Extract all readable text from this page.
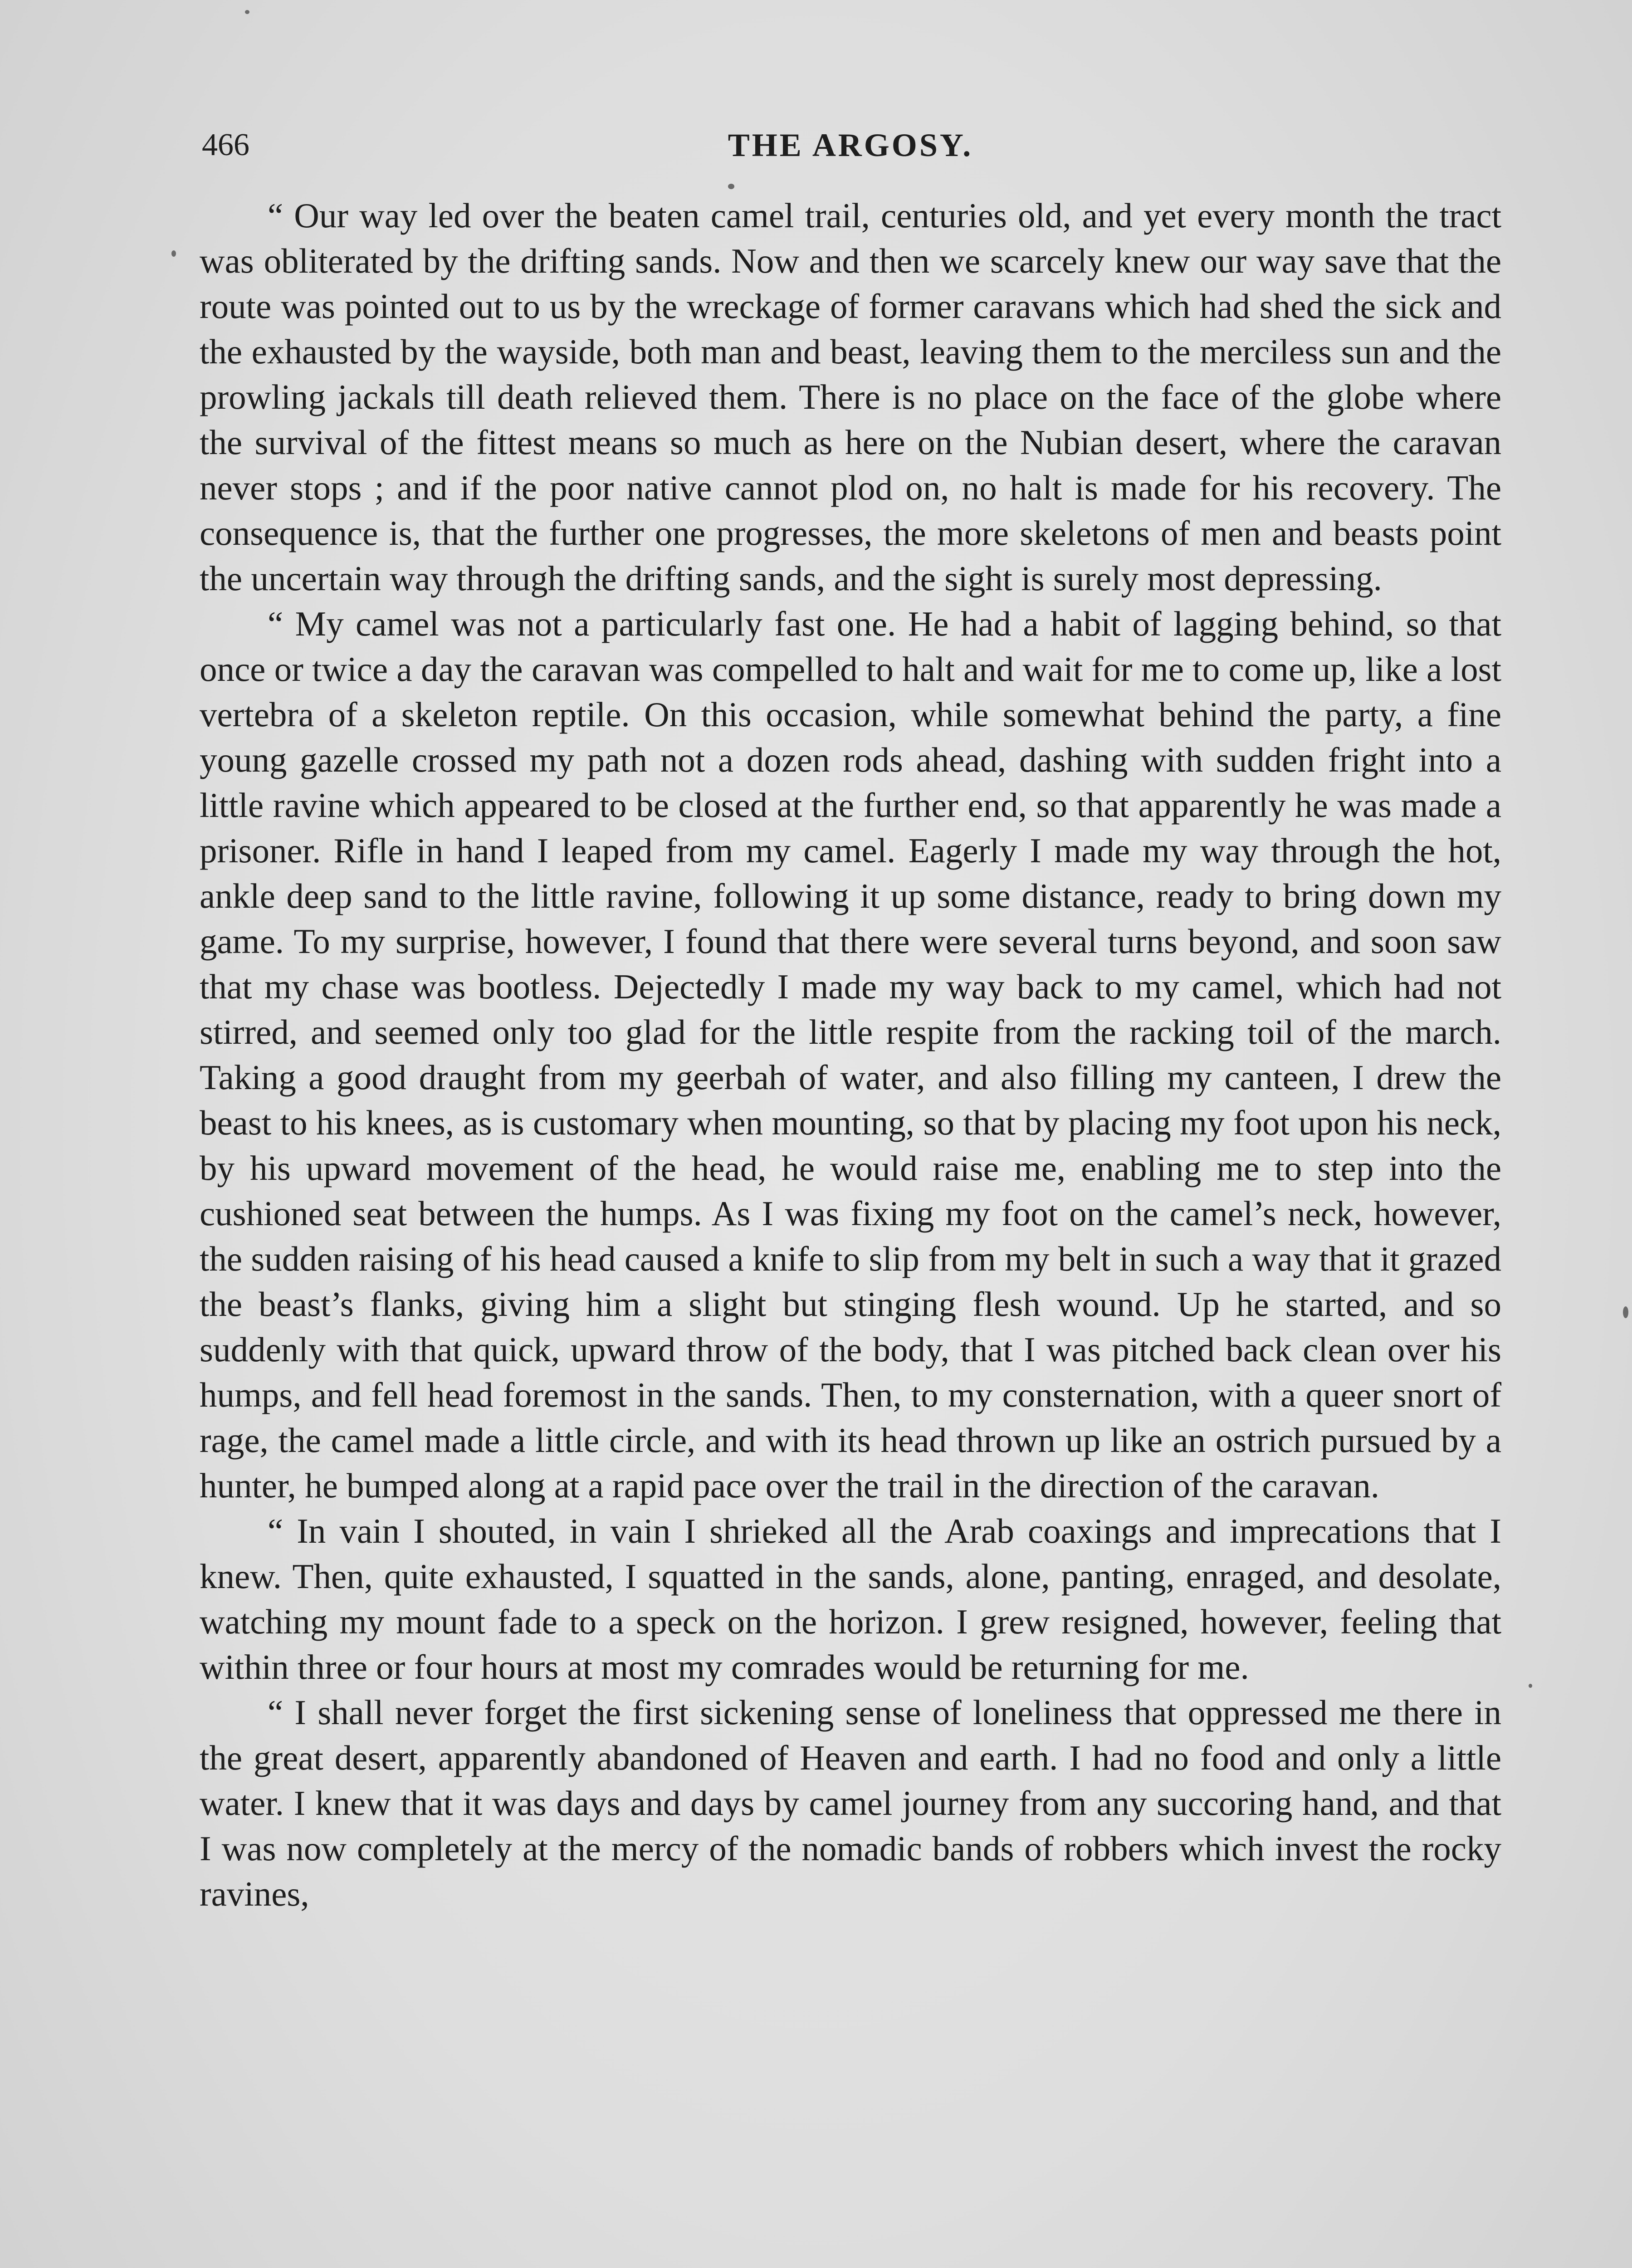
466	THE ARGOSY.

“ Our way led over the beaten camel trail, centuries old, and yet every month the tract was obliterated by the drifting sands. Now and then we scarcely knew our way save that the route was pointed out to us by the wreckage of former caravans which had shed the sick and the exhausted by the wayside, both man and beast, leaving them to the merciless sun and the prowling jackals till death relieved them. There is no place on the face of the globe where the survival of the fittest means so much as here on the Nubian desert, where the caravan never stops ; and if the poor native cannot plod on, no halt is made for his recovery. The consequence is, that the further one progresses, the more skeletons of men and beasts point the uncertain way through the drifting sands, and the sight is surely most depressing.

“ My camel was not a particularly fast one. He had a habit of lagging behind, so that once or twice a day the caravan was compelled to halt and wait for me to come up, like a lost vertebra of a skeleton reptile. On this occasion, while somewhat behind the party, a fine young gazelle crossed my path not a dozen rods ahead, dashing with sudden fright into a little ravine which appeared to be closed at the further end, so that apparently he was made a prisoner. Rifle in hand I leaped from my camel. Eagerly I made my way through the hot, ankle deep sand to the little ravine, following it up some distance, ready to bring down my game. To my surprise, however, I found that there were several turns beyond, and soon saw that my chase was bootless. Dejectedly I made my way back to my camel, which had not stirred, and seemed only too glad for the little respite from the racking toil of the march. Taking a good draught from my geerbah of water, and also filling my canteen, I drew the beast to his knees, as is customary when mounting, so that by placing my foot upon his neck, by his upward movement of the head, he would raise me, enabling me to step into the cushioned seat between the humps. As I was fixing my foot on the camel’s neck, however, the sudden raising of his head caused a knife to slip from my belt in such a way that it grazed the beast’s flanks, giving him a slight but stinging flesh wound. Up he started, and so suddenly with that quick, upward throw of the body, that I was pitched back clean over his humps, and fell head foremost in the sands. Then, to my consternation, with a queer snort of rage, the camel made a little circle, and with its head thrown up like an ostrich pursued by a hunter, he bumped along at a rapid pace over the trail in the direction of the caravan.

“ In vain I shouted, in vain I shrieked all the Arab coaxings and imprecations that I knew. Then, quite exhausted, I squatted in the sands, alone, panting, enraged, and desolate, watching my mount fade to a speck on the horizon. I grew resigned, however, feeling that within three or four hours at most my comrades would be returning for me.

“ I shall never forget the first sickening sense of loneliness that oppressed me there in the great desert, apparently abandoned of Heaven and earth. I had no food and only a little water. I knew that it was days and days by camel journey from any succoring hand, and that I was now completely at the mercy of the nomadic bands of robbers which invest the rocky ravines,
